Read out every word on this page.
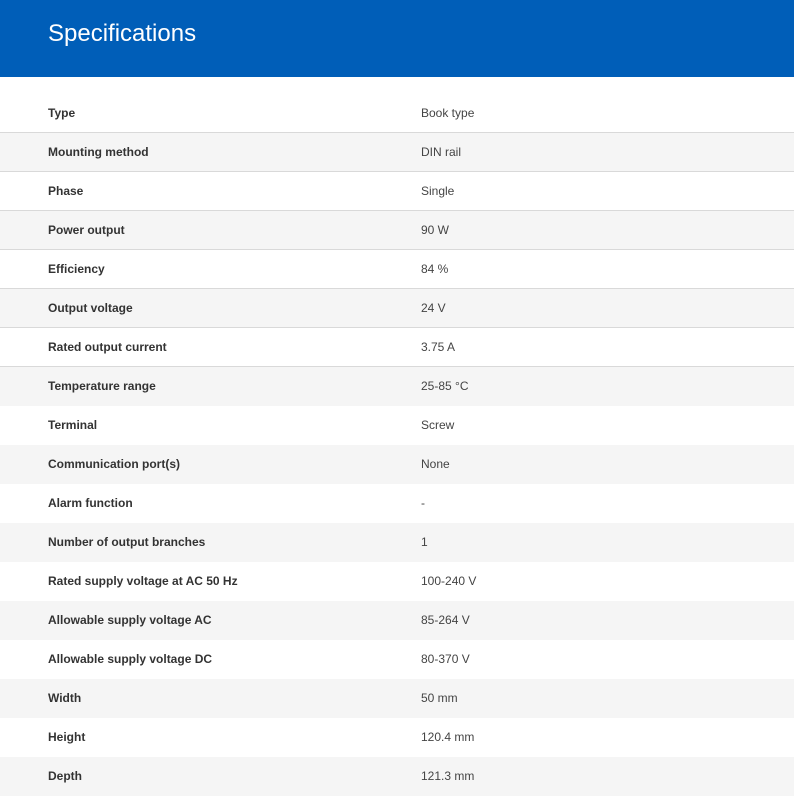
Specifications
Type	Book type
Mounting method	DIN rail
Phase	Single
Power output	90 W
Efficiency	84 %
Output voltage	24 V
Rated output current	3.75 A
Temperature range	25-85 °C
Terminal	Screw
Communication port(s)	None
Alarm function	-
Number of output branches	1
Rated supply voltage at AC 50 Hz	100-240 V
Allowable supply voltage AC	85-264 V
Allowable supply voltage DC	80-370 V
Width	50 mm
Height	120.4 mm
Depth	121.3 mm
